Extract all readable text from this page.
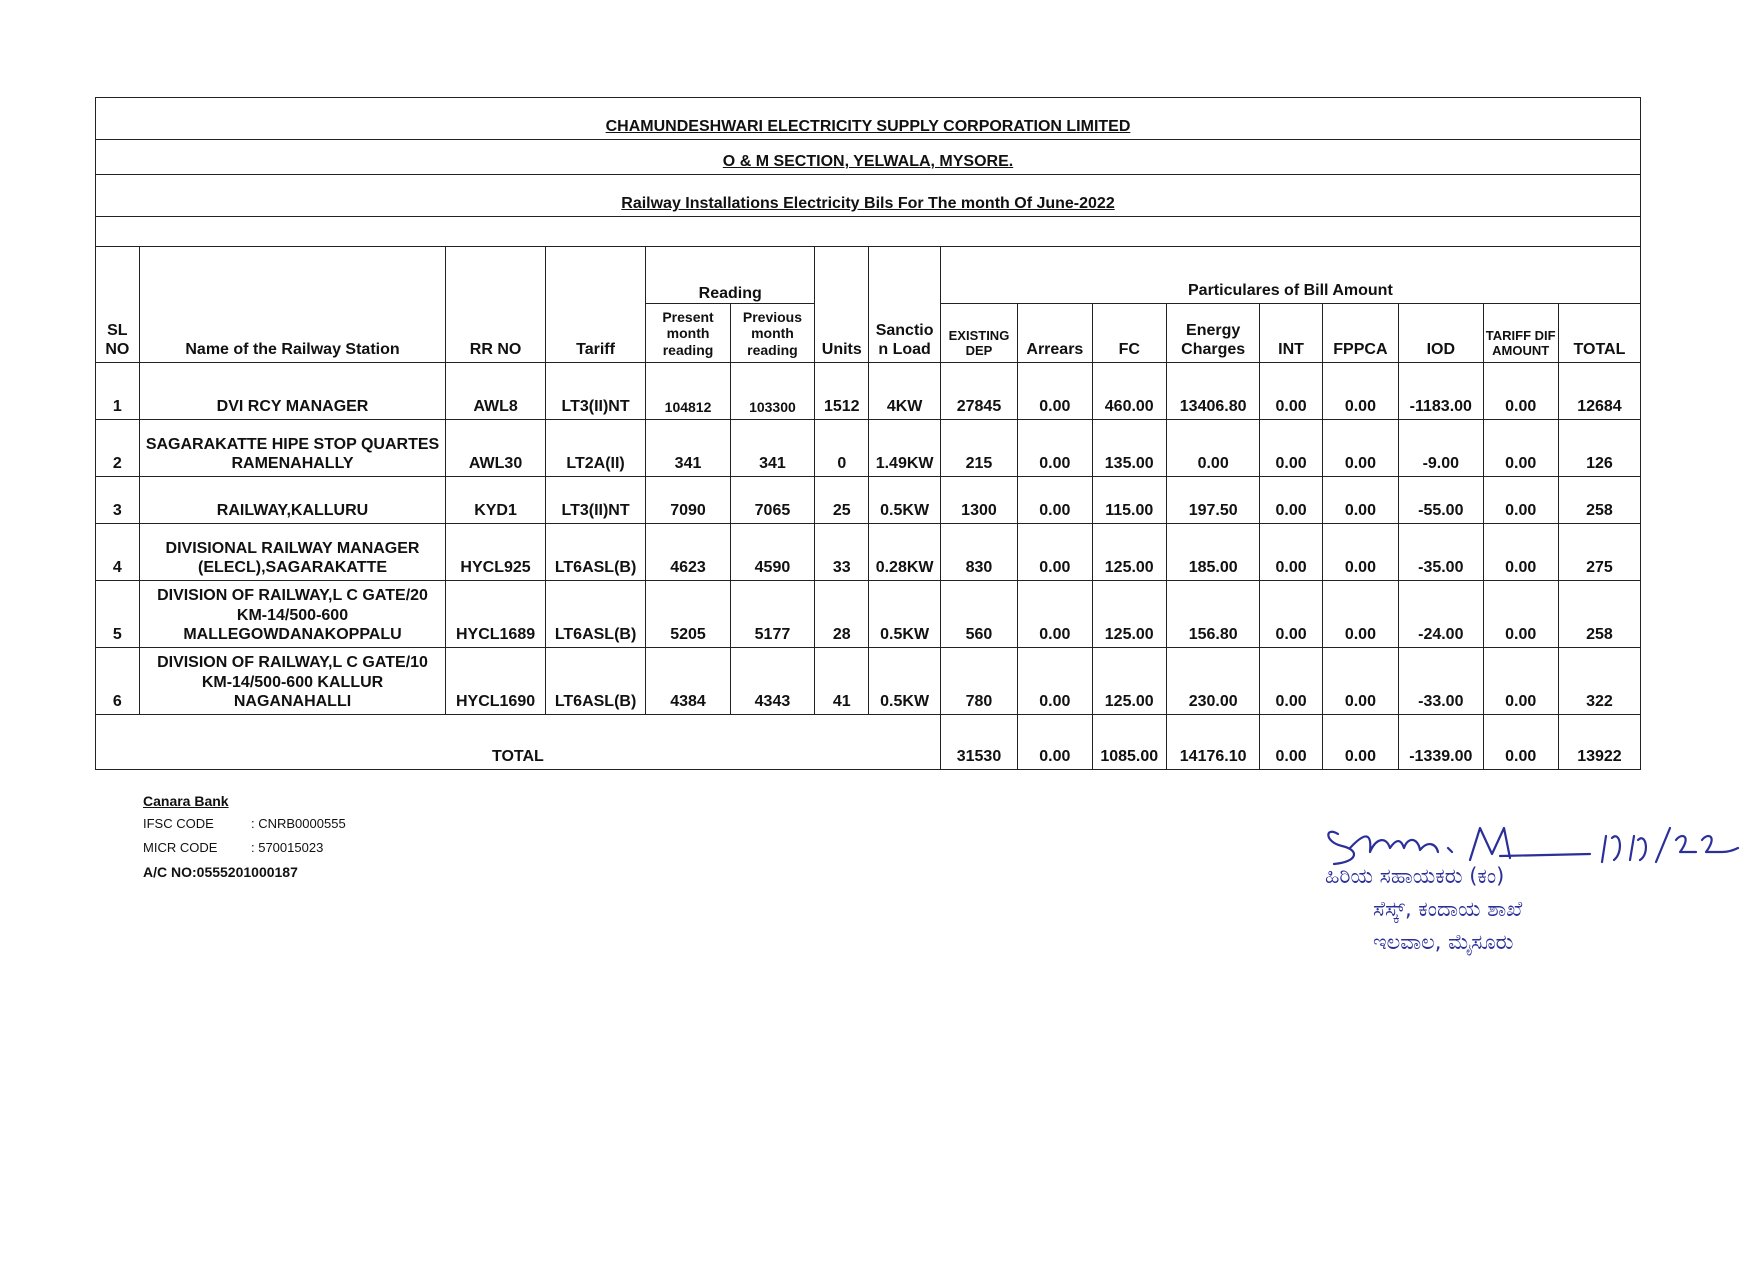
CHAMUNDESHWARI ELECTRICITY SUPPLY CORPORATION LIMITED
O & M SECTION, YELWALA, MYSORE.
Railway Installations Electricity Bils For The month Of June-2022
SL NO	Name of the Railway Station	RR NO	Tariff	Reading		Units	Sanctio n Load	Particulares of Bill Amount								
				Present month reading	Previous month reading			EXISTING DEP	Arrears	FC	Energy Charges	INT	FPPCA	IOD	TARIFF DIF AMOUNT	TOTAL
1	DVI RCY MANAGER	AWL8	LT3(II)NT	104812	103300	1512	4KW	27845	0.00	460.00	13406.80	0.00	0.00	-1183.00	0.00	12684
2	SAGARAKATTE HIPE STOP QUARTES RAMENAHALLY	AWL30	LT2A(II)	341	341	0	1.49KW	215	0.00	135.00	0.00	0.00	0.00	-9.00	0.00	126
3	RAILWAY,KALLURU	KYD1	LT3(II)NT	7090	7065	25	0.5KW	1300	0.00	115.00	197.50	0.00	0.00	-55.00	0.00	258
4	DIVISIONAL RAILWAY MANAGER (ELECL),SAGARAKATTE	HYCL925	LT6ASL(B)	4623	4590	33	0.28KW	830	0.00	125.00	185.00	0.00	0.00	-35.00	0.00	275
5	DIVISION OF RAILWAY,L C GATE/20 KM-14/500-600 MALLEGOWDANAKOPPALU	HYCL1689	LT6ASL(B)	5205	5177	28	0.5KW	560	0.00	125.00	156.80	0.00	0.00	-24.00	0.00	258
6	DIVISION OF RAILWAY,L C GATE/10 KM-14/500-600 KALLUR NAGANAHALLI	HYCL1690	LT6ASL(B)	4384	4343	41	0.5KW	780	0.00	125.00	230.00	0.00	0.00	-33.00	0.00	322
TOTAL								31530	0.00	1085.00	14176.10	0.00	0.00	-1339.00	0.00	13922
Canara Bank
IFSC CODE	: CNRB0000555
MICR CODE	: 570015023
A/C NO:0555201000187	ಹಿರಿಯ ಸಹಾಯಕರು (ಕಂ)
ಸೆಸ್ಕ್, ಕಂದಾಯ ಶಾಖೆ
ಇಲವಾಲ, ಮೈಸೂರು
